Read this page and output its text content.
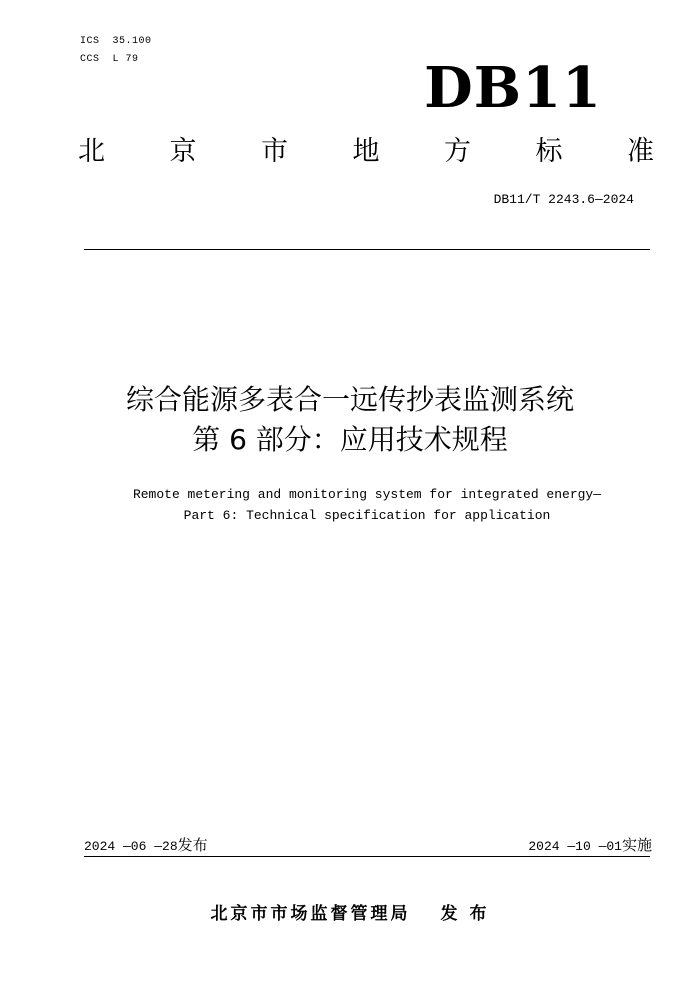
ICS  35.100
CCS  L 79	DB11
北 京 市 地 方 标 准
DB11/T 2243.6—2024
综合能源多表合一远传抄表监测系统
第 6 部分：应用技术规程
Remote metering and monitoring system for integrated energy—
Part 6: Technical specification for application
2024 —06 —28发布	2024 —10 —01实施
北京市市场监督管理局 发 布
